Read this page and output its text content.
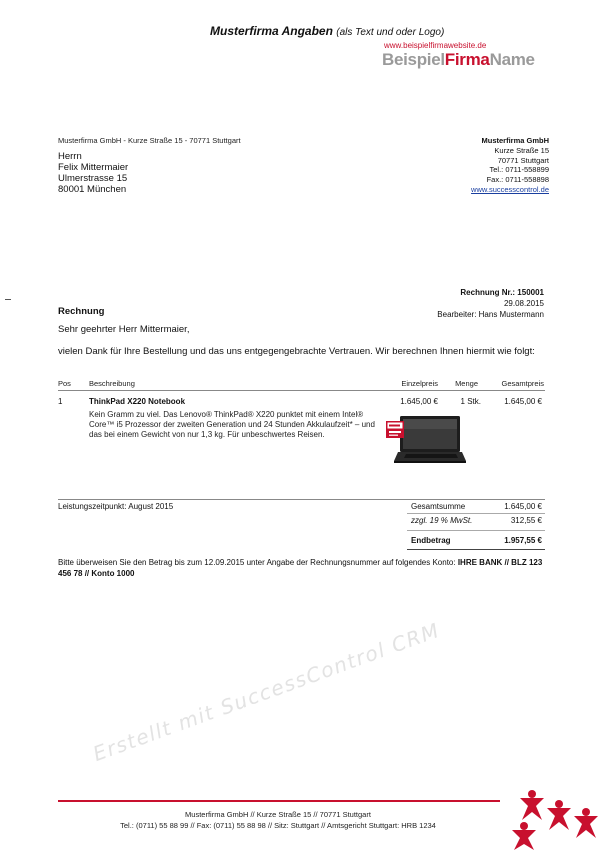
Musterfirma Angaben (als Text und oder Logo)
www.beispielfirmawebsite.de
BeispielFirmaName
Musterfirma GmbH - Kurze Straße 15 - 70771 Stuttgart
Herrn
Felix Mittermaier
Ulmerstrasse 15
80001 München
Musterfirma GmbH
Kurze Straße 15
70771 Stuttgart
Tel.: 0711-558899
Fax.: 0711-558898
www.successcontrol.de
Rechnung
Rechnung Nr.: 150001
29.08.2015
Bearbeiter: Hans Mustermann
Sehr geehrter Herr Mittermaier,
vielen Dank für Ihre Bestellung und das uns entgegengebrachte Vertrauen. Wir berechnen Ihnen hiermit wie folgt:
Pos Beschreibung	Einzelpreis Menge	Gesamtpreis
1	ThinkPad X220 Notebook
Kein Gramm zu viel. Das Lenovo® ThinkPad® X220 punktet mit einem Intel® Core™ i5 Prozessor der zweiten Generation und 24 Stunden Akkulaufzeit* – und das bei einem Gewicht von nur 1,3 kg. Für unbeschwertes Reisen.
1.645,00 €	1 Stk.	1.645,00 €
Leistungszeitpunkt: August 2015	Gesamtsumme	1.645,00 €
zzgl. 19 % MwSt.	312,55 €
Endbetrag	1.957,55 €
Bitte überweisen Sie den Betrag bis zum 12.09.2015 unter Angabe der Rechnungsnummer auf folgendes Konto: IHRE BANK // BLZ 123 456 78 // Konto 1000
Erstellt mit SuccessControl CRM
Musterfirma GmbH // Kurze Straße 15 // 70771 Stuttgart
Tel.: (0711) 55 88 99 // Fax: (0711) 55 88 98 // Sitz: Stuttgart // Amtsgericht Stuttgart: HRB 1234
